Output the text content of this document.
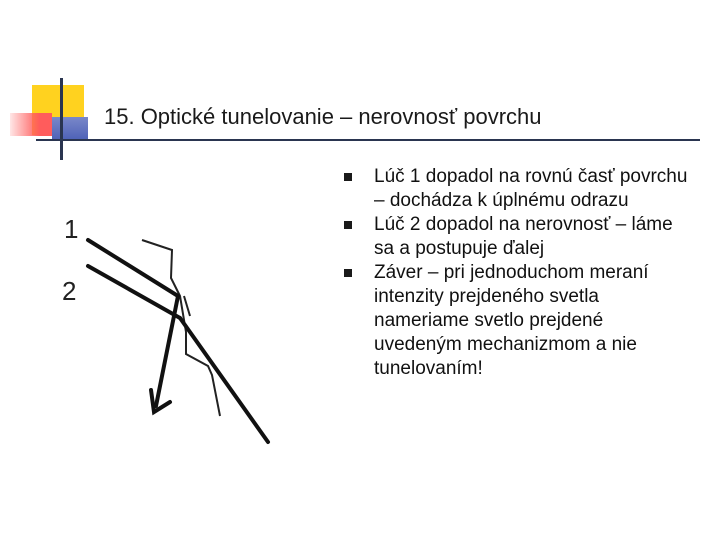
15. Optické tunelovanie – nerovnosť povrchu
1
2
Lúč 1 dopadol na rovnú časť povrchu – dochádza k úplnému odrazu
Lúč 2 dopadol na nerovnosť – láme sa a postupuje ďalej
Záver – pri jednoduchom meraní intenzity prejdeného svetla nameriame svetlo prejdené uvedeným mechanizmom a nie tunelovaním!
